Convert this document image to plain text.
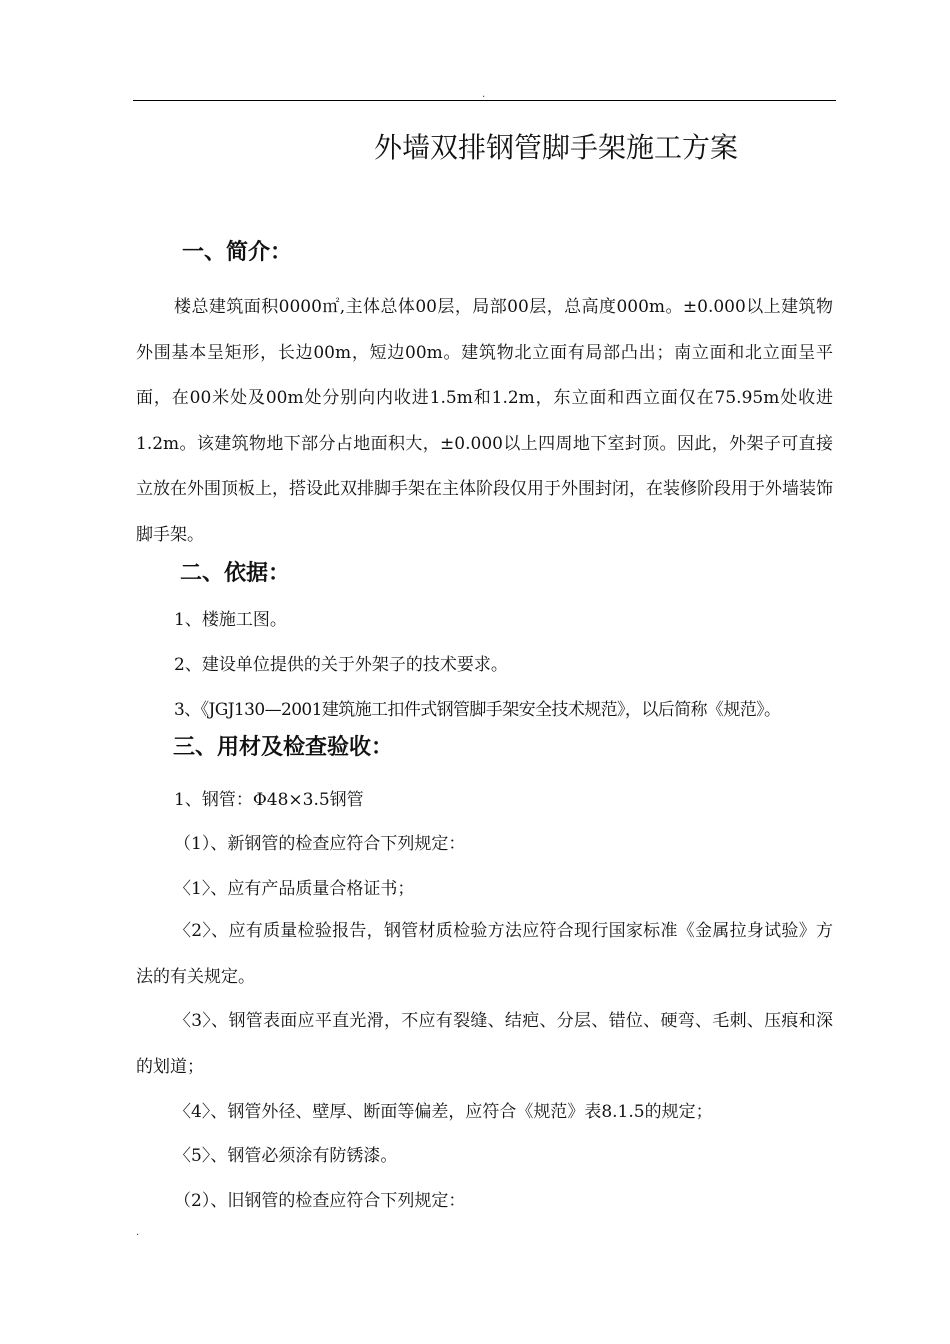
.
外墙双排钢管脚手架施工方案
一、简介：

楼总建筑面积0000㎡,主体总体00层，局部00层，总高度000m。±0.000以上建筑物外围基本呈矩形，长边00m，短边00m。建筑物北立面有局部凸出；南立面和北立面呈平面，在00米处及00m处分别向内收进1.5m和1.2m，东立面和西立面仅在75.95m处收进1.2m。该建筑物地下部分占地面积大，±0.000以上四周地下室封顶。因此，外架子可直接立放在外围顶板上，搭设此双排脚手架在主体阶段仅用于外围封闭，在装修阶段用于外墙装饰脚手架。

二、依据：

1、楼施工图。

2、建设单位提供的关于外架子的技术要求。

3、《JGJ130—2001建筑施工扣件式钢管脚手架安全技术规范》，以后简称《规范》。

三、用材及检查验收：

1、钢管：Φ48×3.5钢管

（1）、新钢管的检查应符合下列规定：

〈1〉、应有产品质量合格证书；

〈2〉、应有质量检验报告，钢管材质检验方法应符合现行国家标准《金属拉身试验》方法的有关规定。

〈3〉、钢管表面应平直光滑，不应有裂缝、结疤、分层、错位、硬弯、毛刺、压痕和深的划道；

〈4〉、钢管外径、壁厚、断面等偏差，应符合《规范》表8.1.5的规定；

〈5〉、钢管必须涂有防锈漆。

（2）、旧钢管的检查应符合下列规定：

.
